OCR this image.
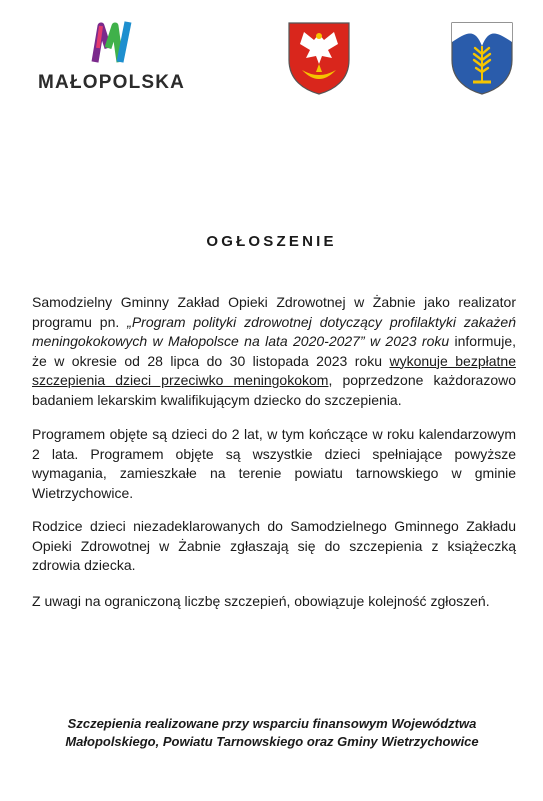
MAŁOPOLSKA
OGŁOSZENIE
Samodzielny Gminny Zakład Opieki Zdrowotnej w Żabnie jako realizator programu pn. „Program polityki zdrowotnej dotyczący profilaktyki zakażeń meningokokowych w Małopolsce na lata 2020-2027” w 2023 roku informuje, że w okresie od 28 lipca do 30 listopada 2023 roku wykonuje bezpłatne szczepienia dzieci przeciwko meningokokom, poprzedzone każdorazowo badaniem lekarskim kwalifikującym dziecko do szczepienia.
Programem objęte są dzieci do 2 lat, w tym kończące w roku kalendarzowym 2 lata. Programem objęte są wszystkie dzieci spełniające powyższe wymagania, zamieszkałe na terenie powiatu tarnowskiego w gminie Wietrzychowice.
Rodzice dzieci niezadeklarowanych do Samodzielnego Gminnego Zakładu Opieki Zdrowotnej w Żabnie zgłaszają się do szczepienia z książeczką zdrowia dziecka.
Z uwagi na ograniczoną liczbę szczepień, obowiązuje kolejność zgłoszeń.
Szczepienia realizowane przy wsparciu finansowym Województwa
Małopolskiego, Powiatu Tarnowskiego oraz Gminy Wietrzychowice
